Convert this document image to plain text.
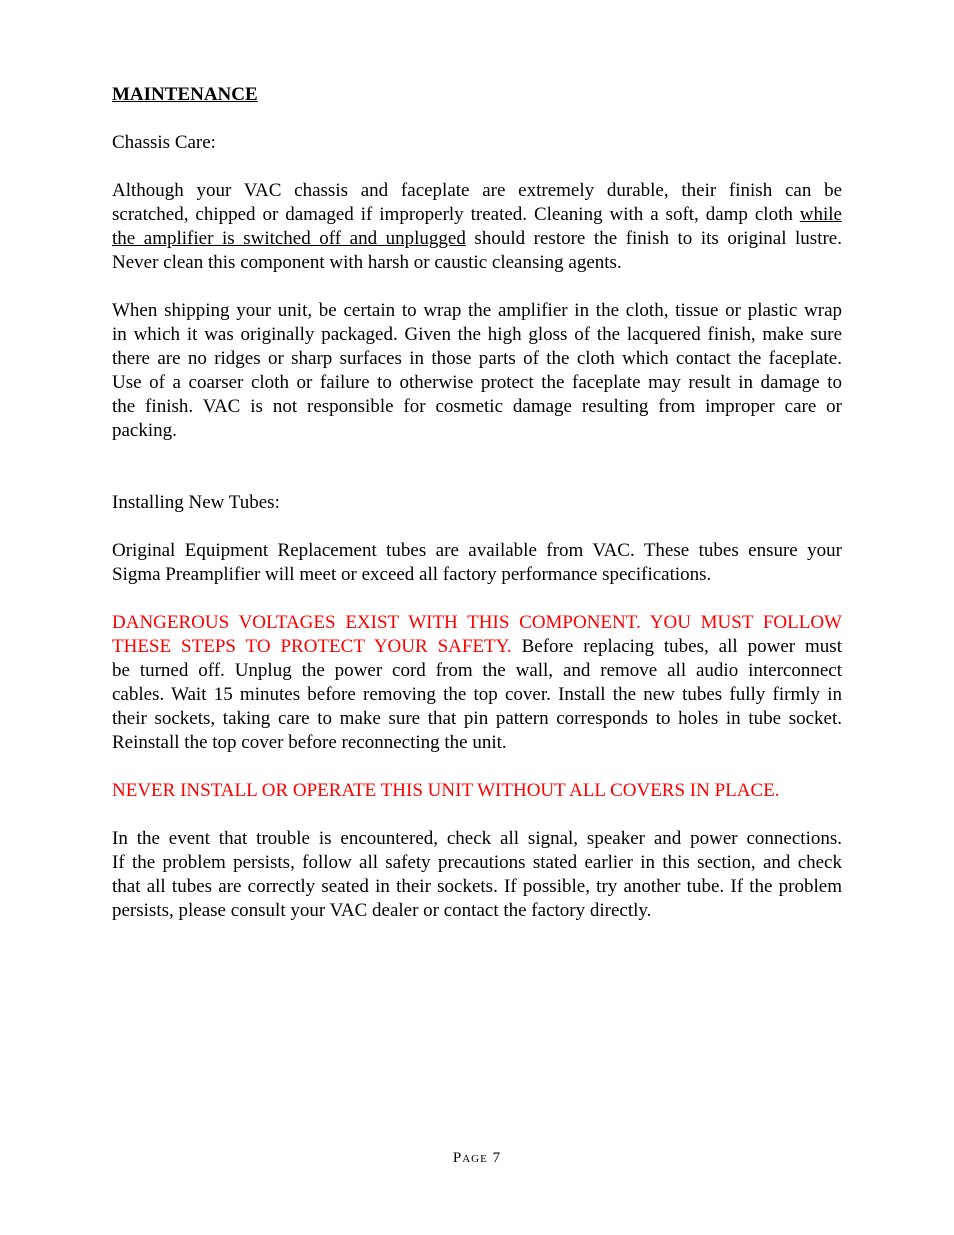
MAINTENANCE
Chassis Care:
Although your VAC chassis and faceplate are extremely durable, their finish can be
scratched, chipped or damaged if improperly treated. Cleaning with a soft, damp cloth while
the amplifier is switched off and unplugged should restore the finish to its original lustre.
Never clean this component with harsh or caustic cleansing agents.
When shipping your unit, be certain to wrap the amplifier in the cloth, tissue or plastic wrap
in which it was originally packaged. Given the high gloss of the lacquered finish, make sure
there are no ridges or sharp surfaces in those parts of the cloth which contact the faceplate.
Use of a coarser cloth or failure to otherwise protect the faceplate may result in damage to
the finish. VAC is not responsible for cosmetic damage resulting from improper care or
packing.
Installing New Tubes:
Original Equipment Replacement tubes are available from VAC. These tubes ensure your
Sigma Preamplifier will meet or exceed all factory performance specifications.
DANGEROUS VOLTAGES EXIST WITH THIS COMPONENT. YOU MUST FOLLOW
THESE STEPS TO PROTECT YOUR SAFETY. Before replacing tubes, all power must
be turned off. Unplug the power cord from the wall, and remove all audio interconnect
cables. Wait 15 minutes before removing the top cover. Install the new tubes fully firmly in
their sockets, taking care to make sure that pin pattern corresponds to holes in tube socket.
Reinstall the top cover before reconnecting the unit.
NEVER INSTALL OR OPERATE THIS UNIT WITHOUT ALL COVERS IN PLACE.
In the event that trouble is encountered, check all signal, speaker and power connections.
If the problem persists, follow all safety precautions stated earlier in this section, and check
that all tubes are correctly seated in their sockets. If possible, try another tube. If the problem
persists, please consult your VAC dealer or contact the factory directly.
Page 7
